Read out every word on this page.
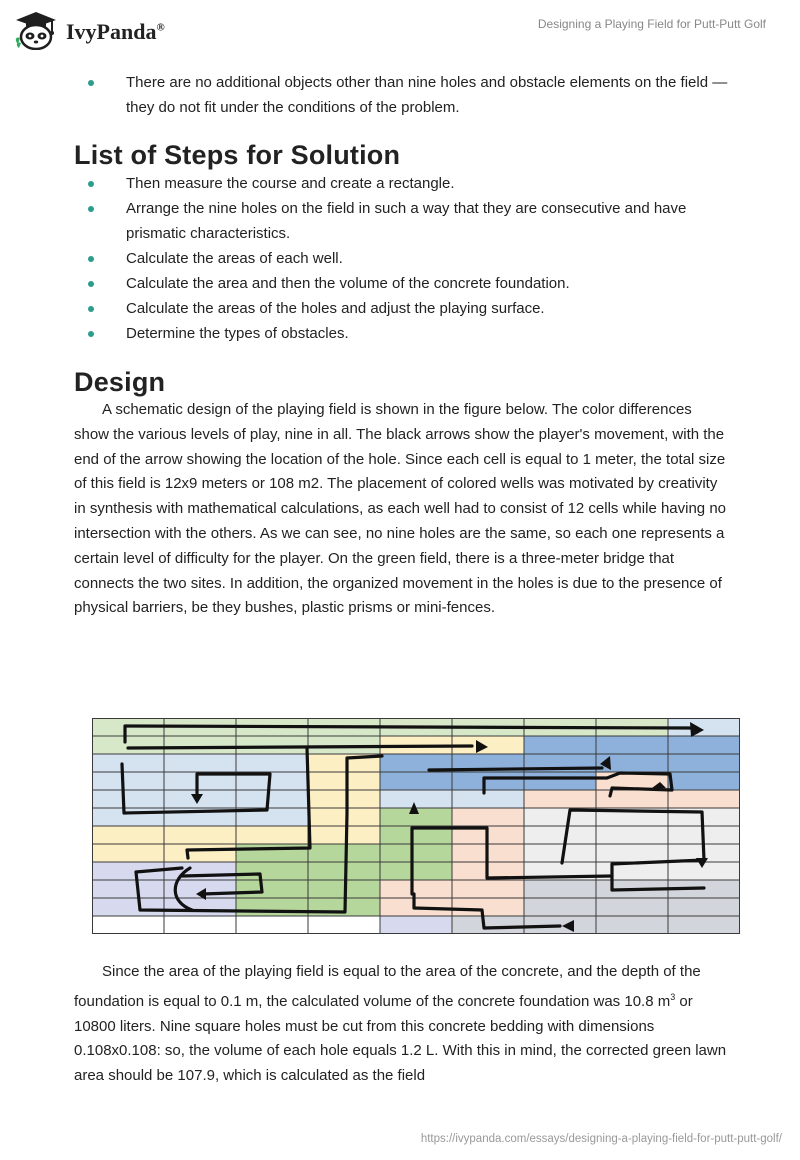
IvyPanda®	Designing a Playing Field for Putt-Putt Golf
There are no additional objects other than nine holes and obstacle elements on the field — they do not fit under the conditions of the problem.
List of Steps for Solution
Then measure the course and create a rectangle.
Arrange the nine holes on the field in such a way that they are consecutive and have prismatic characteristics.
Calculate the areas of each well.
Calculate the area and then the volume of the concrete foundation.
Calculate the areas of the holes and adjust the playing surface.
Determine the types of obstacles.
Design

A schematic design of the playing field is shown in the figure below. The color differences show the various levels of play, nine in all. The black arrows show the player's movement, with the end of the arrow showing the location of the hole. Since each cell is equal to 1 meter, the total size of this field is 12x9 meters or 108 m2. The placement of colored wells was motivated by creativity in synthesis with mathematical calculations, as each well had to consist of 12 cells while having no intersection with the others. As we can see, no nine holes are the same, so each one represents a certain level of difficulty for the player. On the green field, there is a three-meter bridge that connects the two sites. In addition, the organized movement in the holes is due to the presence of physical barriers, be they bushes, plastic prisms or mini-fences.

Since the area of the playing field is equal to the area of the concrete, and the depth of the foundation is equal to 0.1 m, the calculated volume of the concrete foundation was 10.8 $m^3$ or 10800 liters. Nine square holes must be cut from this concrete bedding with dimensions 0.108x0.108: so, the volume of each hole equals 1.2 L. With this in mind, the corrected green lawn area should be 107.9, which is calculated as the field

https://ivypanda.com/essays/designing-a-playing-field-for-putt-putt-golf/
